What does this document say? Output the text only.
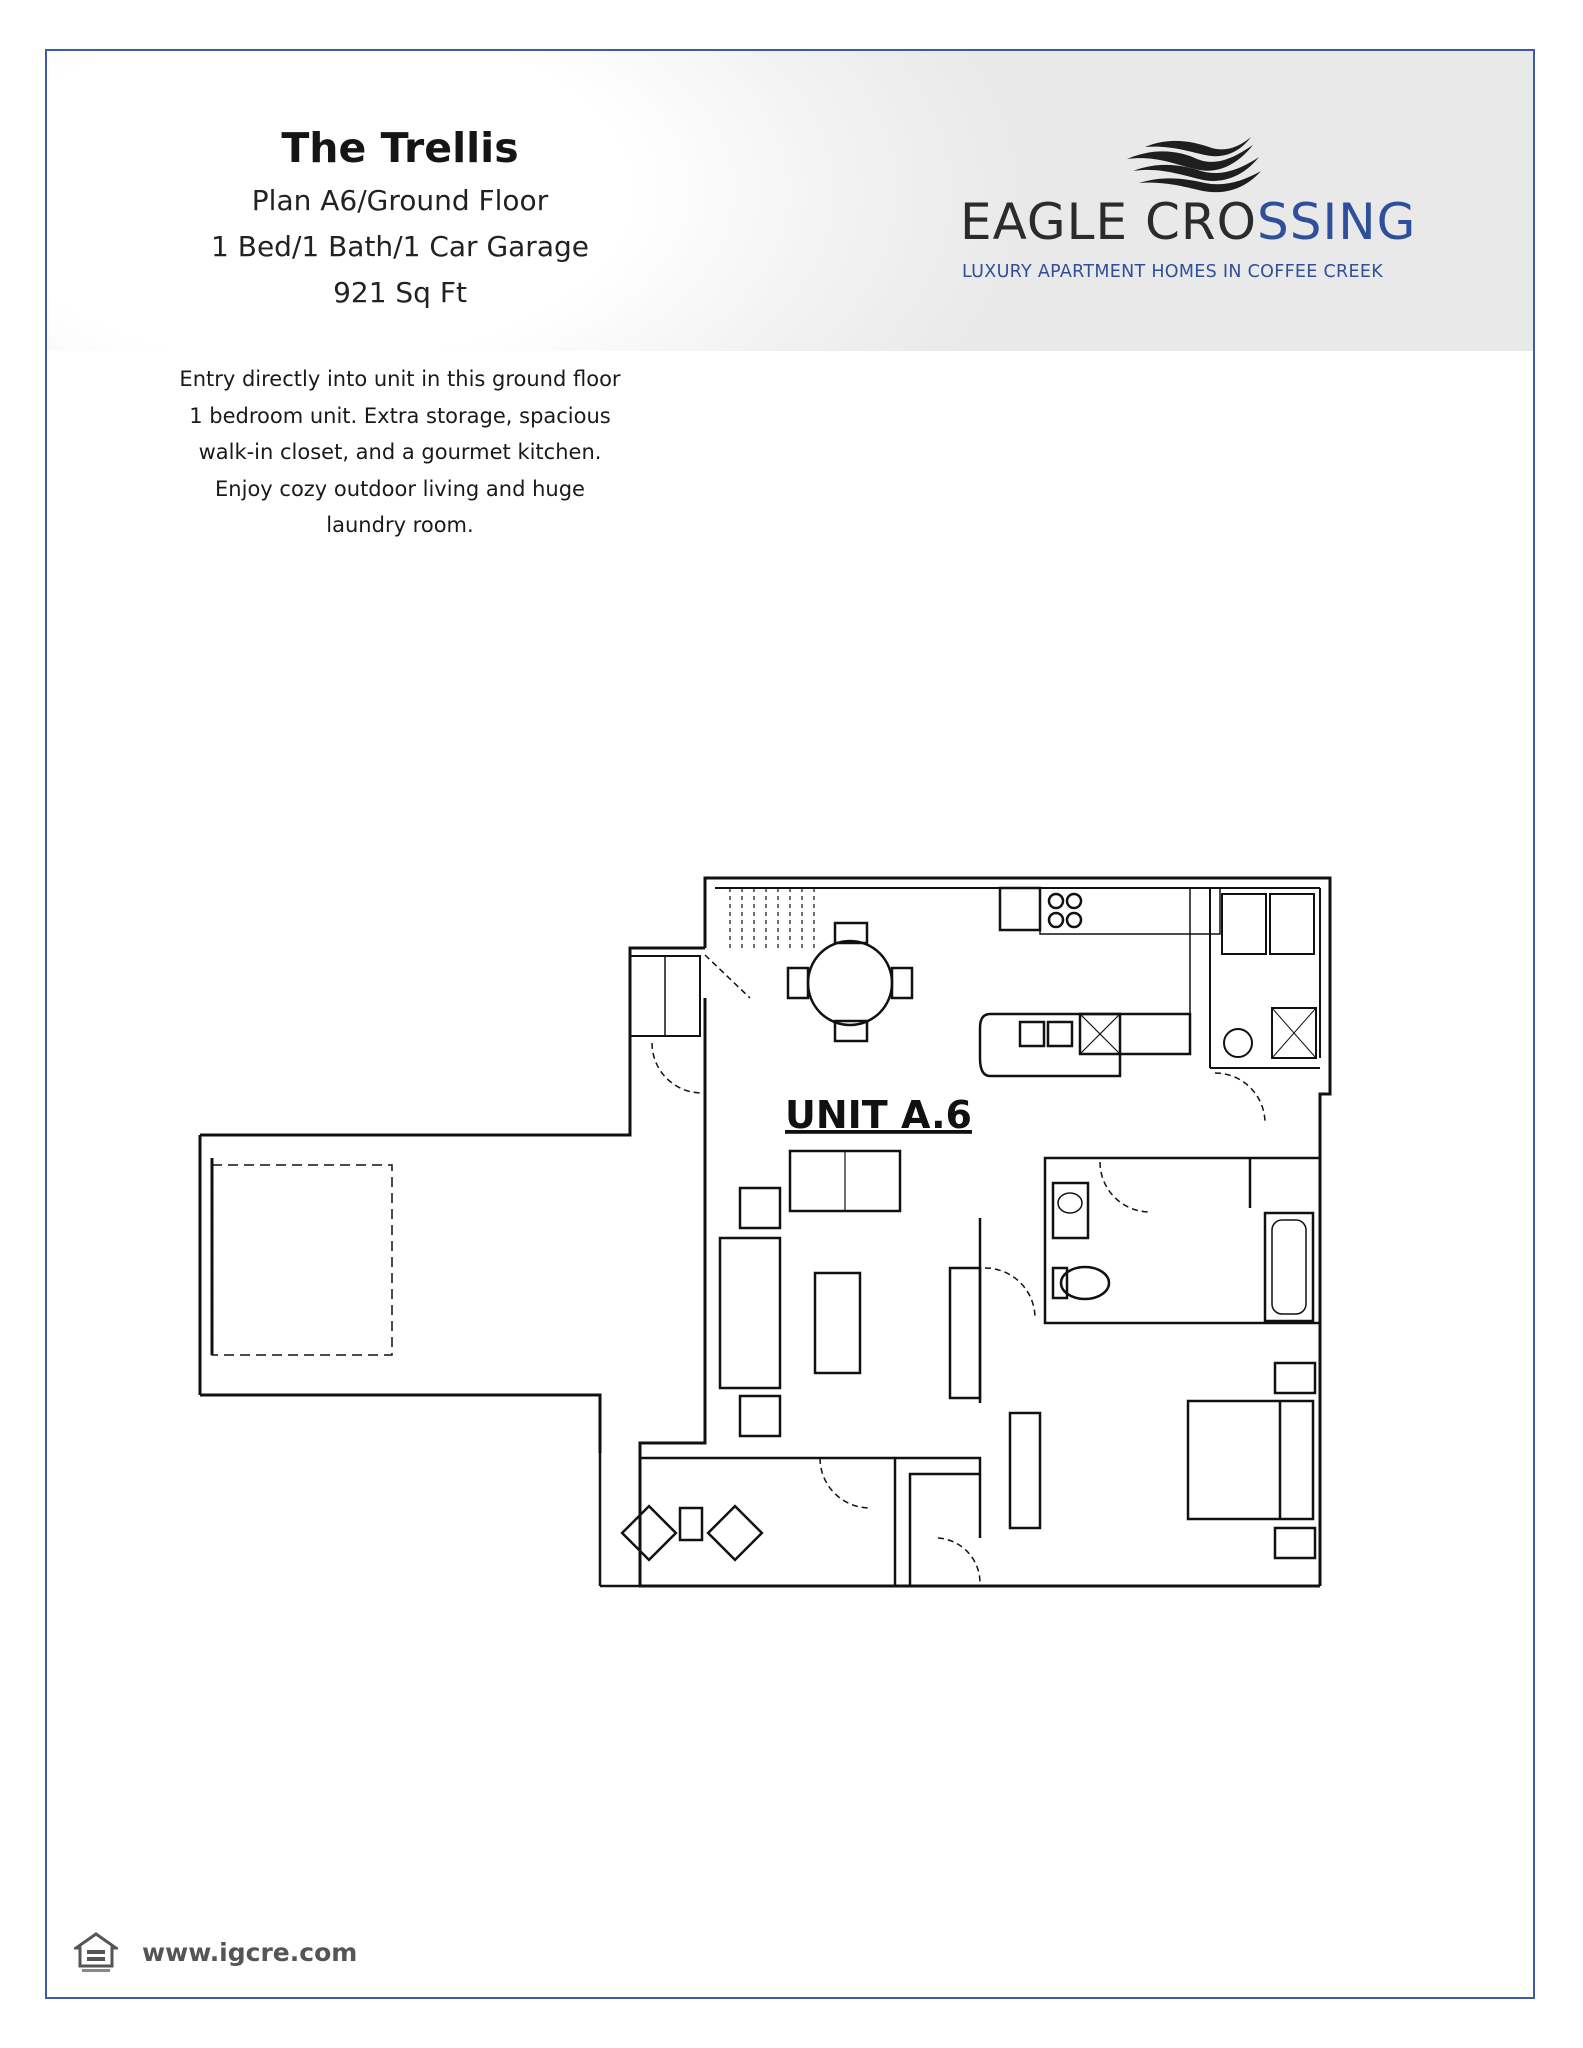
The Trellis
Plan A6/Ground Floor
1 Bed/1 Bath/1 Car Garage
921 Sq Ft
Entry directly into unit in this ground floor
1 bedroom unit. Extra storage, spacious
walk-in closet, and a gourmet kitchen.
Enjoy cozy outdoor living and huge
laundry room.
EAGLE CROSSING
LUXURY APARTMENT HOMES IN COFFEE CREEK
UNIT A.6
www.igcre.com
